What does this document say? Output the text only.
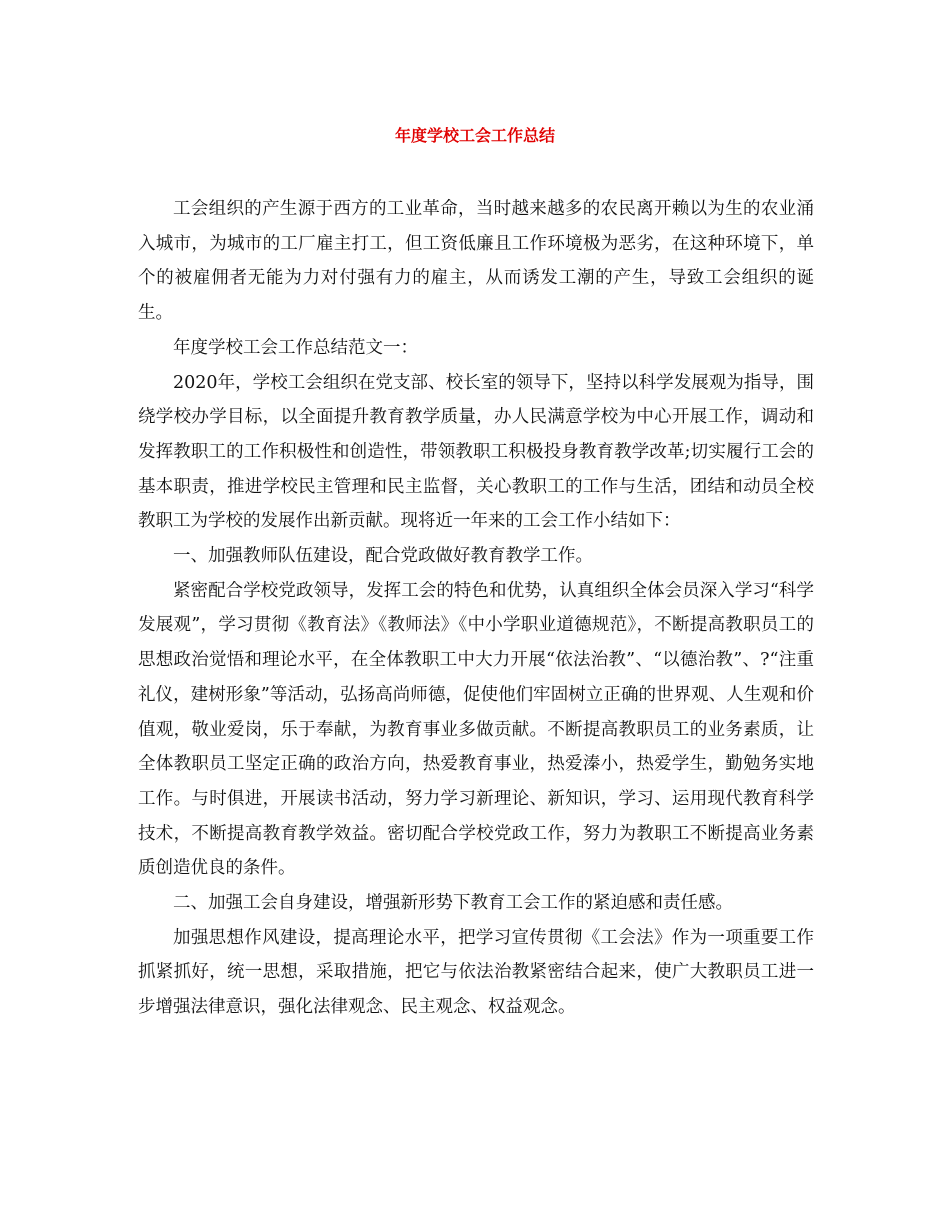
年度学校工会工作总结

工会组织的产生源于西方的工业革命，当时越来越多的农民离开赖以为生的农业涌入城市，为城市的工厂雇主打工，但工资低廉且工作环境极为恶劣，在这种环境下，单个的被雇佣者无能为力对付强有力的雇主，从而诱发工潮的产生，导致工会组织的诞生。

年度学校工会工作总结范文一：

2020年，学校工会组织在党支部、校长室的领导下，坚持以科学发展观为指导，围绕学校办学目标，以全面提升教育教学质量，办人民满意学校为中心开展工作，调动和发挥教职工的工作积极性和创造性，带领教职工积极投身教育教学改革;切实履行工会的基本职责，推进学校民主管理和民主监督，关心教职工的工作与生活，团结和动员全校教职工为学校的发展作出新贡献。现将近一年来的工会工作小结如下：

一、加强教师队伍建设，配合党政做好教育教学工作。

紧密配合学校党政领导，发挥工会的特色和优势，认真组织全体会员深入学习“科学发展观”，学习贯彻《教育法》《教师法》《中小学职业道德规范》，不断提高教职员工的思想政治觉悟和理论水平，在全体教职工中大力开展“依法治教”、“以德治教”、?“注重礼仪，建树形象”等活动，弘扬高尚师德，促使他们牢固树立正确的世界观、人生观和价值观，敬业爱岗，乐于奉献，为教育事业多做贡献。不断提高教职员工的业务素质，让全体教职员工坚定正确的政治方向，热爱教育事业，热爱溱小，热爱学生，勤勉务实地工作。与时俱进，开展读书活动，努力学习新理论、新知识，学习、运用现代教育科学技术，不断提高教育教学效益。密切配合学校党政工作，努力为教职工不断提高业务素质创造优良的条件。

二、加强工会自身建设，增强新形势下教育工会工作的紧迫感和责任感。

加强思想作风建设，提高理论水平，把学习宣传贯彻《工会法》作为一项重要工作抓紧抓好，统一思想，采取措施，把它与依法治教紧密结合起来，使广大教职员工进一步增强法律意识，强化法律观念、民主观念、权益观念。
